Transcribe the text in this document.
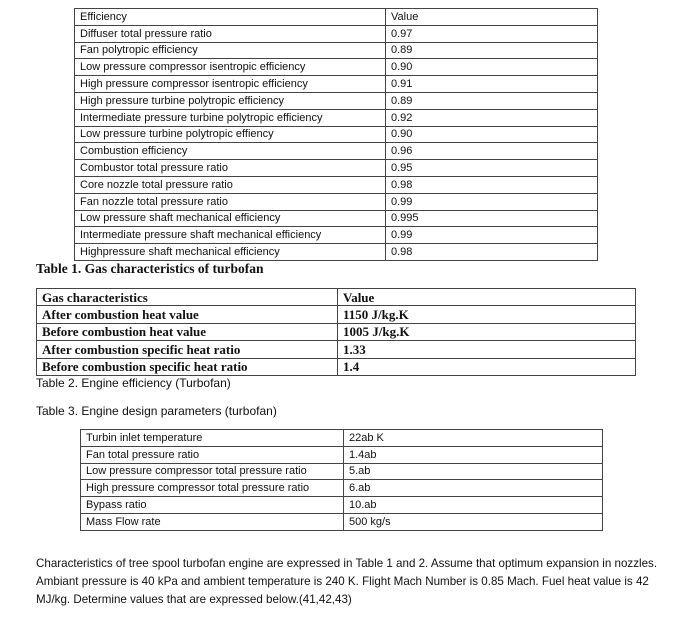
Efficiency	Value
Diffuser total pressure ratio	0.97
Fan polytropic efficiency	0.89
Low pressure compressor isentropic efficiency	0.90
High pressure compressor isentropic efficiency	0.91
High pressure turbine polytropic efficiency	0.89
Intermediate pressure turbine polytropic efficiency	0.92
Low pressure turbine polytropic effiency	0.90
Combustion efficiency	0.96
Combustor total pressure ratio	0.95
Core nozzle total pressure ratio	0.98
Fan nozzle total pressure ratio	0.99
Low pressure shaft mechanical efficiency	0.995
Intermediate pressure shaft mechanical efficiency	0.99
Highpressure shaft mechanical efficiency	0.98
Table 1. Gas characteristics of turbofan
Gas characteristics	Value
After combustion heat value	1150 J/kg.K
Before combustion heat value	1005 J/kg.K
After combustion specific heat ratio	1.33
Before combustion specific heat ratio	1.4
Table 2. Engine efficiency (Turbofan)
Table 3. Engine design parameters (turbofan)
Turbin inlet temperature	22ab K
Fan total pressure ratio	1.4ab
Low pressure compressor total pressure ratio	5.ab
High pressure compressor total pressure ratio	6.ab
Bypass ratio	10.ab
Mass Flow rate	500 kg/s
Characteristics of tree spool turbofan engine are expressed in Table 1 and 2. Assume that optimum expansion in nozzles. Ambiant pressure is 40 kPa and ambient temperature is 240 K. Flight Mach Number is 0.85 Mach. Fuel heat value is 42 MJ/kg. Determine values that are expressed below.(41,42,43)
